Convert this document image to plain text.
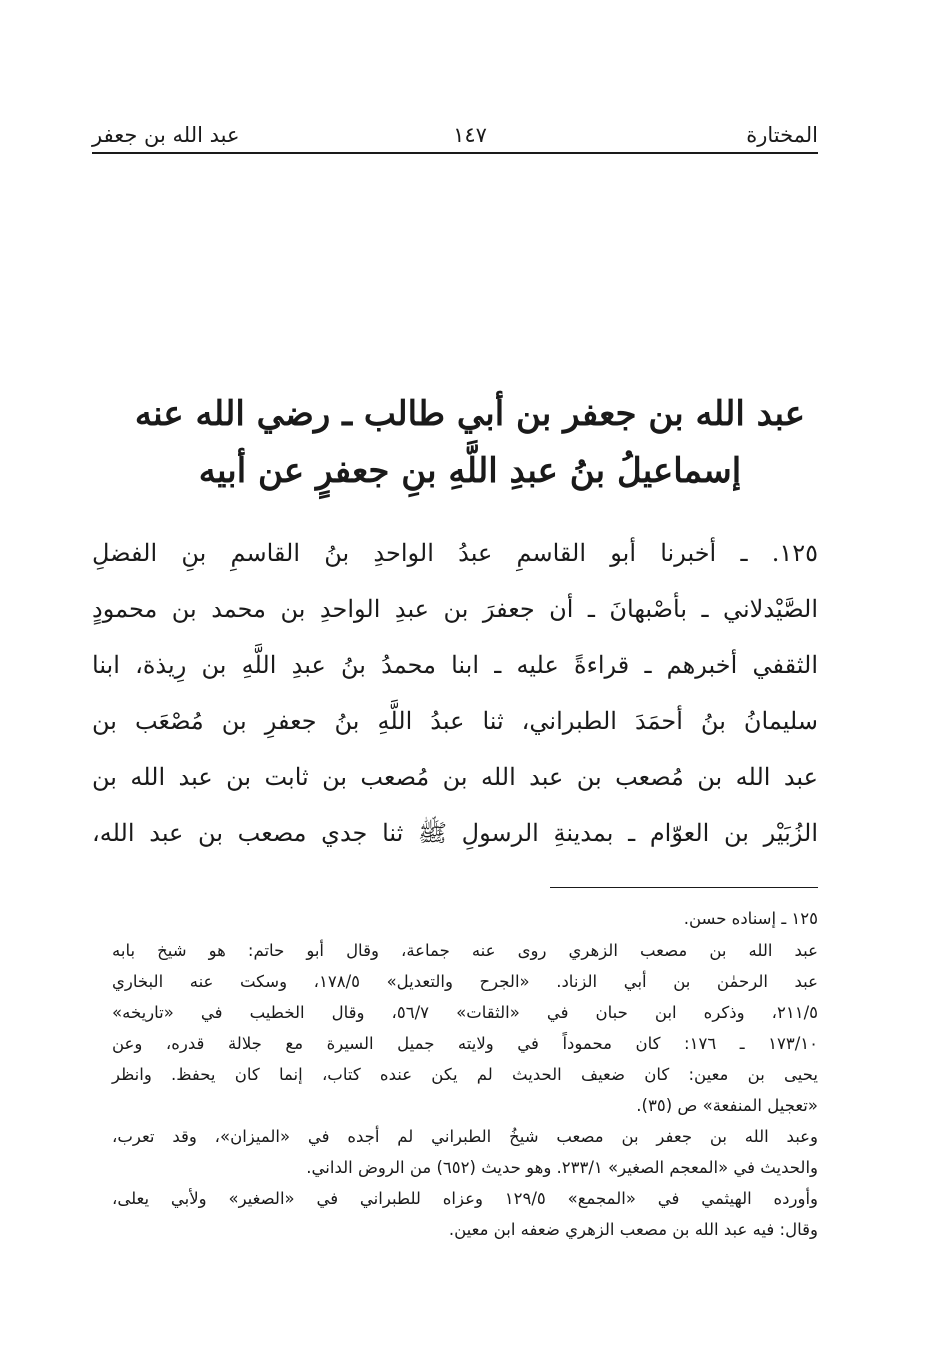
المختارة
١٤٧
عبد الله بن جعفر
عبد الله بن جعفر بن أبي طالب ـ رضي الله عنه
إسماعيلُ بنُ عبدِ اللَّهِ بنِ جعفرٍ عن أبيه
١٢٥. ـ أخبرنا أبو القاسمِ عبدُ الواحدِ بنُ القاسمِ بنِ الفضلِ
الصَّيْدلاني ـ بأصْبهانَ ـ أن جعفرَ بن عبدِ الواحدِ بن محمد بن محمودٍ
الثقفي أخبرهم ـ قراءةً عليه ـ ابنا محمدُ بنُ عبدِ اللَّهِ بن رِيذة، ابنا
سليمانُ بنُ أحمَدَ الطبراني، ثنا عبدُ اللَّهِ بنُ جعفرِ بن مُصْعَب بن
عبد الله بن مُصعب بن عبد الله بن مُصعب بن ثابت بن عبد الله بن
الزُبَيْر بن العوّام ـ بمدينةِ الرسولِ ﷺ ثنا جدي مصعب بن عبد الله،
١٢٥ ـ إسناده حسن.
عبد الله بن مصعب الزهري روى عنه جماعة، وقال أبو حاتم: هو شيخ بابه
عبد الرحمٰن بن أبي الزناد. «الجرح والتعديل» ١٧٨/٥، وسكت عنه البخاري
٢١١/٥، وذكره ابن حبان في «الثقات» ٥٦/٧، وقال الخطيب في «تاريخه»
١٧٣/١٠ ـ ١٧٦: كان محموداً في ولايته جميل السيرة مع جلالة قدره، وعن
يحيى بن معين: كان ضعيف الحديث لم يكن عنده كتاب، إنما كان يحفظ. وانظر
«تعجيل المنفعة» ص (٣٥).
وعبد الله بن جعفر بن مصعب شيخُ الطبراني لم أجده في «الميزان»، وقد تعرب،
والحديث في «المعجم الصغير» ٢٣٣/١. وهو حديث (٦٥٢) من الروض الداني.
وأورده الهيثمي في «المجمع» ١٢٩/٥ وعزاه للطبراني في «الصغير» ولأبي يعلى،
وقال: فيه عبد الله بن مصعب الزهري ضعفه ابن معين.
